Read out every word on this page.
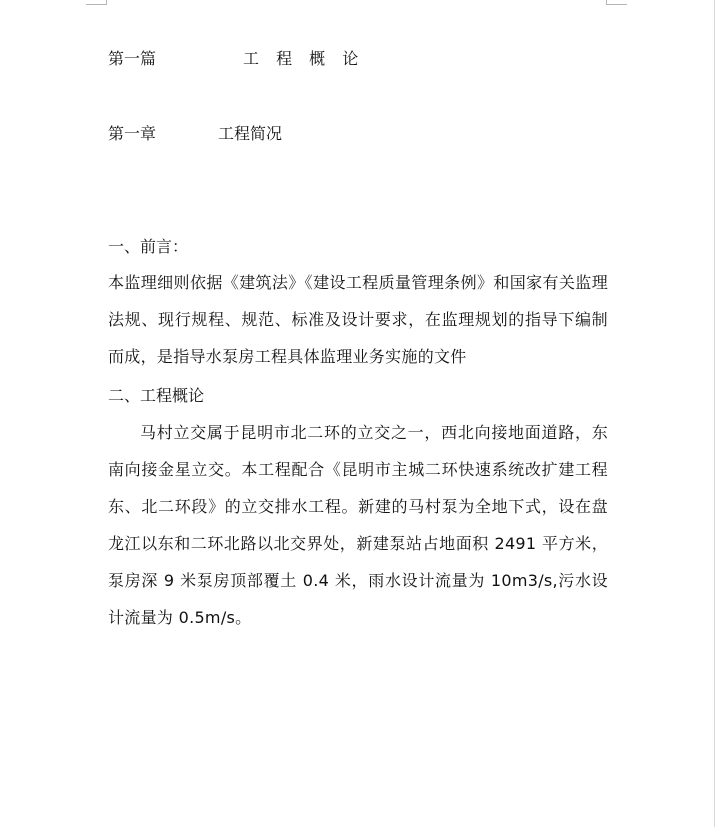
第一篇	工 程 概 论
第一章	工程简况
一、前言：
本监理细则依据《建筑法》《建设工程质量管理条例》和国家有关监理法规、现行规程、规范、标准及设计要求，在监理规划的指导下编制而成，是指导水泵房工程具体监理业务实施的文件
二、工程概论
马村立交属于昆明市北二环的立交之一，西北向接地面道路，东南向接金星立交。本工程配合《昆明市主城二环快速系统改扩建工程东、北二环段》的立交排水工程。新建的马村泵为全地下式，设在盘龙江以东和二环北路以北交界处，新建泵站占地面积 2491 平方米，泵房深 9 米泵房顶部覆土 0.4 米，雨水设计流量为 10m3/s,污水设计流量为 0.5m/s。
